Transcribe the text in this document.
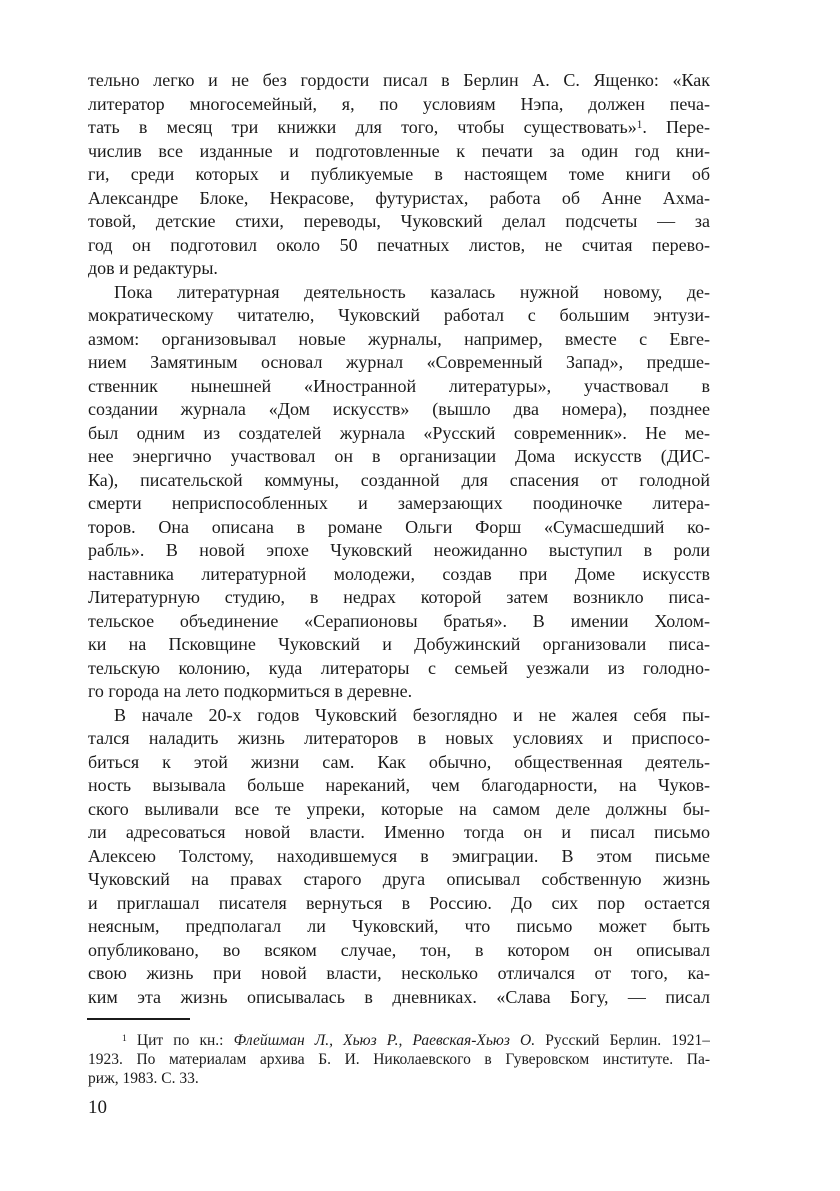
тельно легко и не без гордости писал в Берлин А. С. Ященко: «Как
литератор многосемейный, я, по условиям Нэпа, должен печа-
тать в месяц три книжки для того, чтобы существовать»$^1$. Пере-
числив все изданные и подготовленные к печати за один год кни-
ги, среди которых и публикуемые в настоящем томе книги об
Александре Блоке, Некрасове, футуристах, работа об Анне Ахма-
товой, детские стихи, переводы, Чуковский делал подсчеты — за
год он подготовил около 50 печатных листов, не считая перево-
дов и редактуры.

Пока литературная деятельность казалась нужной новому, де-
мократическому читателю, Чуковский работал с большим энтузи-
азмом: организовывал новые журналы, например, вместе с Евге-
нием Замятиным основал журнал «Современный Запад», предше-
ственник нынешней «Иностранной литературы», участвовал в
создании журнала «Дом искусств» (вышло два номера), позднее
был одним из создателей журнала «Русский современник». Не ме-
нее энергично участвовал он в организации Дома искусств (ДИС-
Ка), писательской коммуны, созданной для спасения от голодной
смерти неприспособленных и замерзающих поодиночке литера-
торов. Она описана в романе Ольги Форш «Сумасшедший ко-
рабль». В новой эпохе Чуковский неожиданно выступил в роли
наставника литературной молодежи, создав при Доме искусств
Литературную студию, в недрах которой затем возникло писа-
тельское объединение «Серапионовы братья». В имении Холом-
ки на Псковщине Чуковский и Добужинский организовали писа-
тельскую колонию, куда литераторы с семьей уезжали из голодно-
го города на лето подкормиться в деревне.

В начале 20-х годов Чуковский безоглядно и не жалея себя пы-
тался наладить жизнь литераторов в новых условиях и приспосо-
биться к этой жизни сам. Как обычно, общественная деятель-
ность вызывала больше нареканий, чем благодарности, на Чуков-
ского выливали все те упреки, которые на самом деле должны бы-
ли адресоваться новой власти. Именно тогда он и писал письмо
Алексею Толстому, находившемуся в эмиграции. В этом письме
Чуковский на правах старого друга описывал собственную жизнь
и приглашал писателя вернуться в Россию. До сих пор остается
неясным, предполагал ли Чуковский, что письмо может быть
опубликовано, во всяком случае, тон, в котором он описывал
свою жизнь при новой власти, несколько отличался от того, ка-
ким эта жизнь описывалась в дневниках. «Слава Богу, — писал

$^1$ Цит по кн.: Флейшман Л., Хьюз Р., Раевская-Хьюз О. Русский Берлин. 1921–
1923. По материалам архива Б. И. Николаевского в Гуверовском институте. Па-
риж, 1983. С. 33.
10
